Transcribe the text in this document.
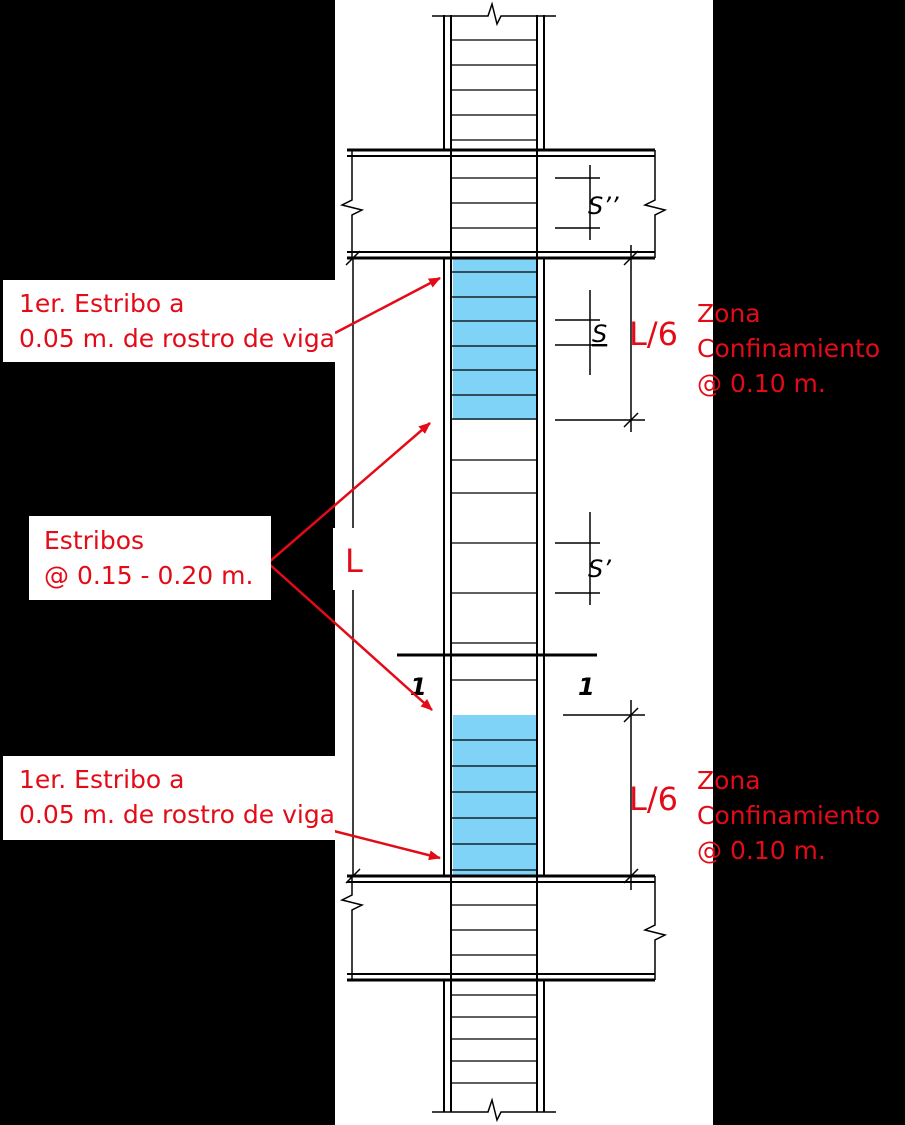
S’’
S
S’
1	1
L
L/6
L/6
Zona
Confinamiento
@ 0.10 m.
Zona
Confinamiento
@ 0.10 m.
1er. Estribo a
0.05 m. de rostro de viga
Estribos
@ 0.15 - 0.20 m.
1er. Estribo a
0.05 m. de rostro de viga
